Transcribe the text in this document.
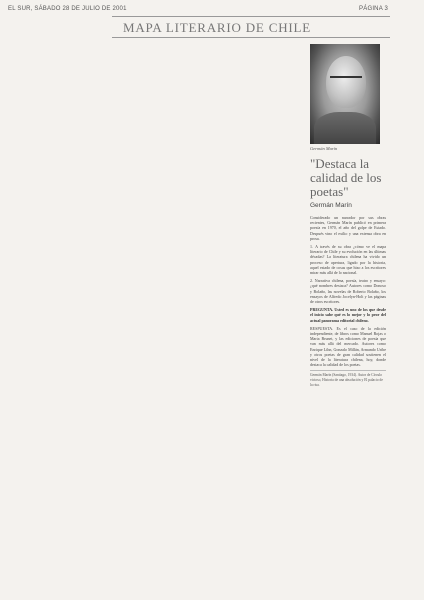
EL SUR, SÁBADO 28 DE JULIO DE 2001	PÁGINA 3
MAPA LITERARIO DE CHILE
Germán Marín
"Destaca la calidad de los poetas"
Germán Marín

Considerado un narrador por sus obras recientes, Germán Marín publicó en primera poesía en 1970, el año del golpe de Estado. Después vino el exilio y una extensa obra en prosa.

1. A través de su obra ¿cómo ve el mapa literario de Chile y su evolución en las últimas décadas? La literatura chilena ha vivido un proceso de apertura, ligado por la historia, aquel estado de cosas que hizo a los escritores mirar más allá de lo nacional.

2. Narrativa chilena, poesía, teatro y ensayo: ¿qué nombres destaca? Autores como Donoso y Bolaño, las novelas de Roberto Bolaño, los ensayos de Alfredo Jocelyn-Holt y las páginas de otros escritores.

PREGUNTA. Usted es uno de los que desde el inicio sabe qué es lo mejor y lo peor del actual panorama editorial chileno.

RESPUESTA. Es el caso de la edición independiente, de libros como Manuel Rojas o Marta Brunet, y las ediciones de poesía que van más allá del mercado. Autores como Enrique Lihn, Gonzalo Millán, Armando Uribe y otros poetas de gran calidad sostienen el nivel de la literatura chilena, hoy, donde destaca la calidad de los poetas.

Germán Marín (Santiago, 1934). Autor de Círculo vicioso, Historia de una absolución y El palacio de la risa.
